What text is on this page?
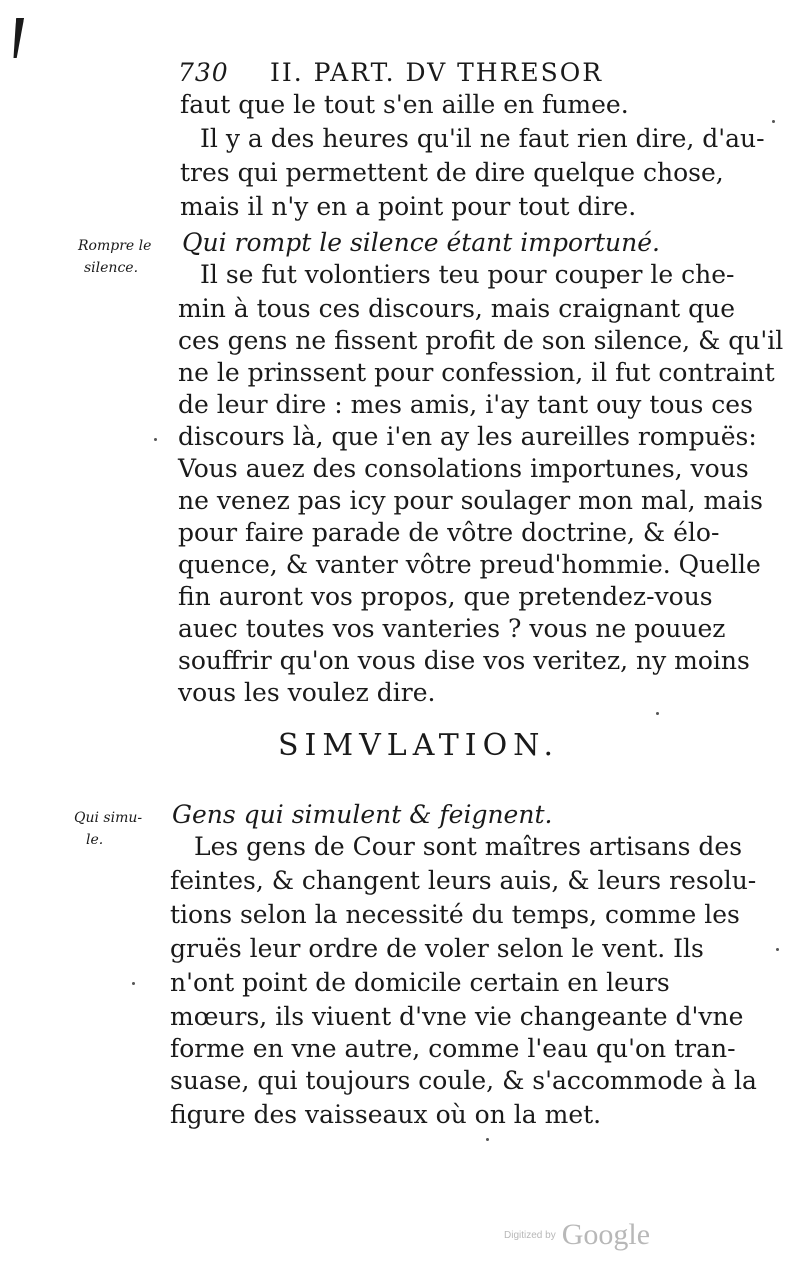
730 II. PART. DV THRESOR
faut que le tout s'en aille en fumee.
Il y a des heures qu'il ne faut rien dire, d'au-
tres qui permettent de dire quelque chose,
mais il n'y en a point pour tout dire.
Rompre le
silence.
Qui rompt le silence étant importuné.
Il se fut volontiers teu pour couper le che-
min à tous ces discours, mais craignant que
ces gens ne fissent profit de son silence, & qu'il
ne le prinssent pour confession, il fut contraint
de leur dire : mes amis, i'ay tant ouy tous ces
discours là, que i'en ay les aureilles rompuës:
Vous auez des consolations importunes, vous
ne venez pas icy pour soulager mon mal, mais
pour faire parade de vôtre doctrine, & élo-
quence, & vanter vôtre preud'hommie. Quelle
fin auront vos propos, que pretendez-vous
auec toutes vos vanteries ? vous ne pouuez
souffrir qu'on vous dise vos veritez, ny moins
vous les voulez dire.
SIMVLATION.
Qui simu-
le.
Gens qui simulent & feignent.
Les gens de Cour sont maîtres artisans des
feintes, & changent leurs auis, & leurs resolu-
tions selon la necessité du temps, comme les
gruës leur ordre de voler selon le vent. Ils
n'ont point de domicile certain en leurs
mœurs, ils viuent d'vne vie changeante d'vne
forme en vne autre, comme l'eau qu'on tran-
suase, qui toujours coule, & s'accommode à la
figure des vaisseaux où on la met.
Digitized by Google
